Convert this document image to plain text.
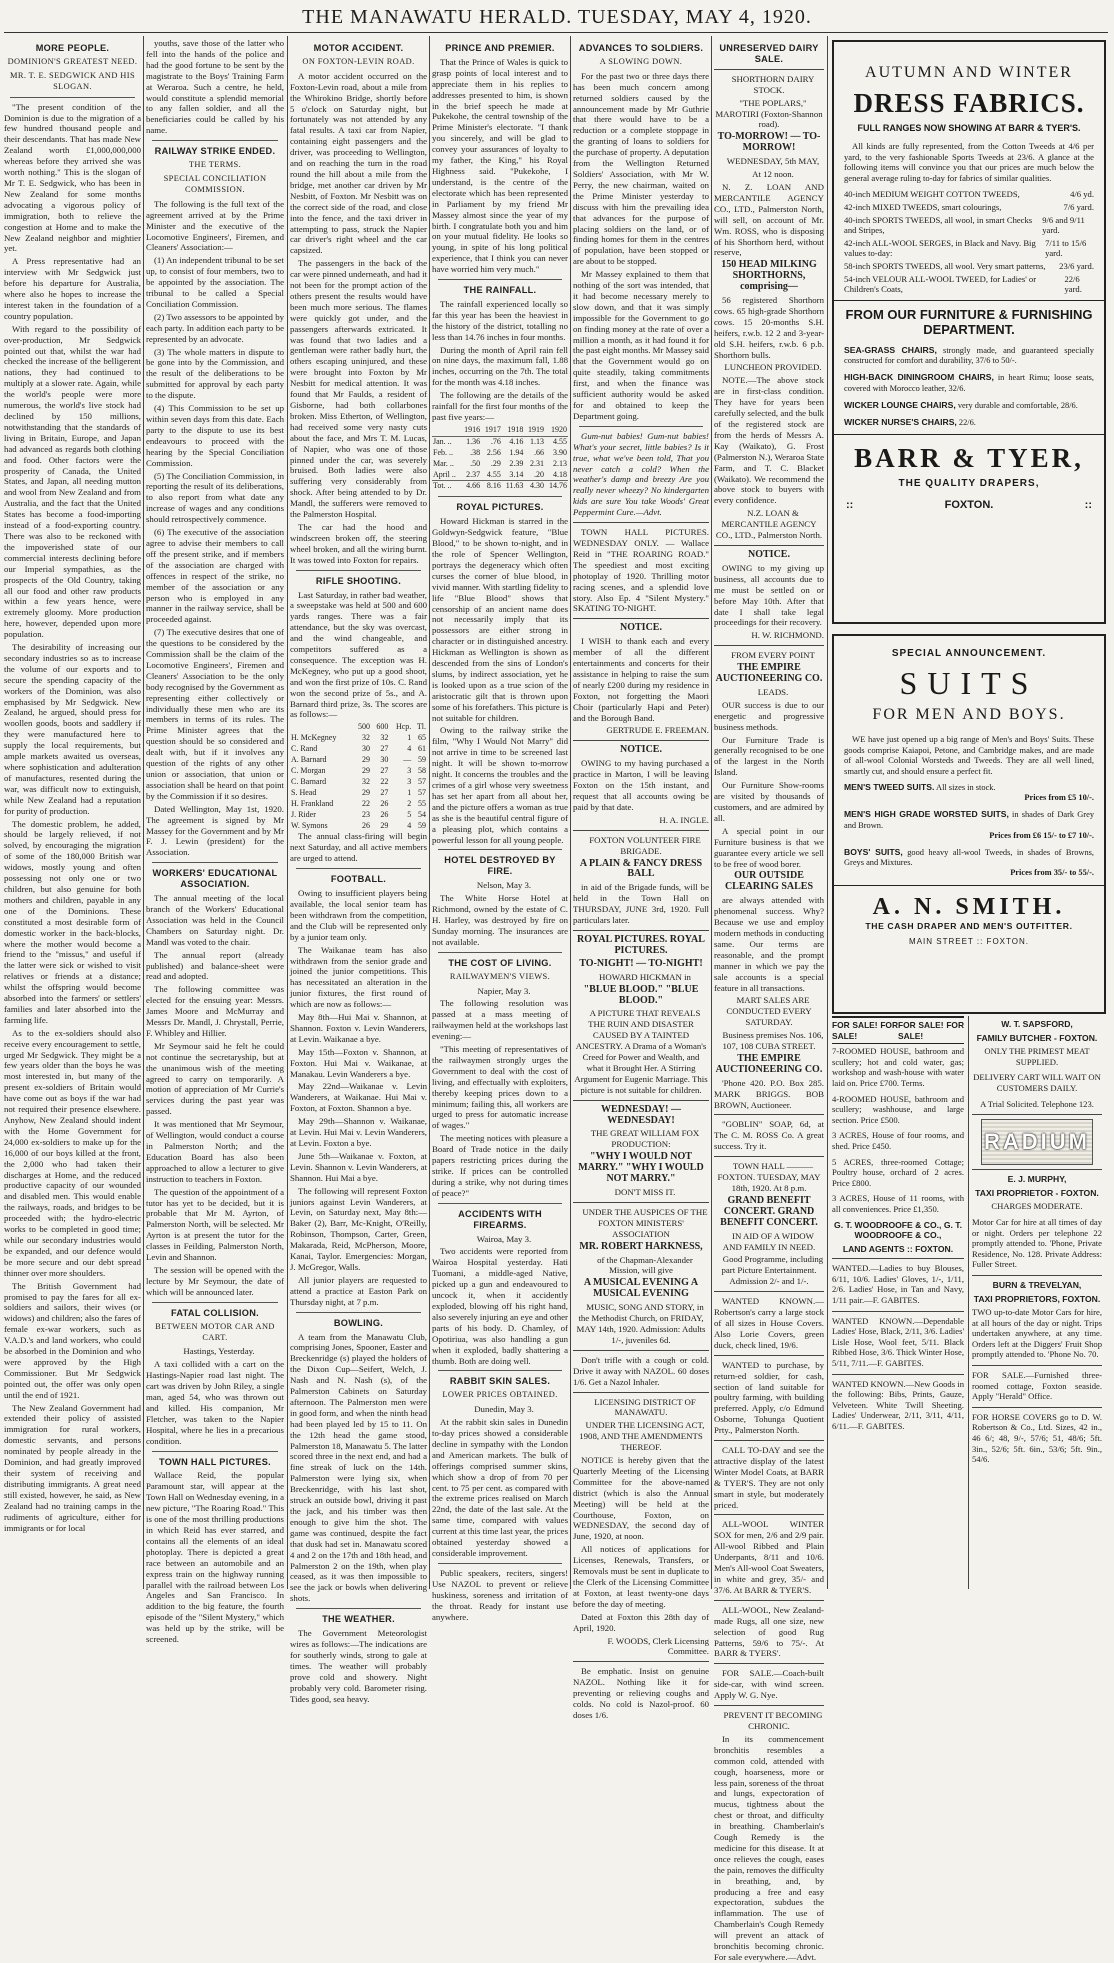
THE MANAWATU HERALD. TUESDAY, MAY 4, 1920.
MORE PEOPLE.
DOMINION'S GREATEST NEED.
MR. T. E. SEDGWICK AND HIS SLOGAN.

"The present condition of the Dominion is due to the migration of a few hundred thousand people and their descendants. That has made New Zealand worth £1,000,000,000 whereas before they arrived she was worth nothing." This is the slogan of Mr T. E. Sedgwick, who has been in New Zealand for some months advocating a vigorous policy of immigration, both to relieve the congestion at Home and to make the New Zealand neighbor and mightier yet.

A Press representative had an interview with Mr Sedgwick just before his departure for Australia, where also he hopes to increase the interest taken in the foundation of a country population.

With regard to the possibility of over-production, Mr Sedgwick pointed out that, whilst the war had checked the increase of the belligerent nations, they had continued to multiply at a slower rate. Again, while the world's people were more numerous, the world's live stock had declined by 150 millions, notwithstanding that the standards of living in Britain, Europe, and Japan had advanced as regards both clothing and food. Other factors were the prosperity of Canada, the United States, and Japan, all needing mutton and wool from New Zealand and from Australia, and the fact that the United States has become a food-importing instead of a food-exporting country. There was also to be reckoned with the impoverished state of our commercial interests declining before our Imperial sympathies, as the prospects of the Old Country, taking all our food and other raw products within a few years hence, were extremely gloomy. More production here, however, depended upon more population.

The desirability of increasing our secondary industries so as to increase the volume of our exports and to secure the spending capacity of the workers of the Dominion, was also emphasised by Mr Sedgwick. New Zealand, he argued, should press for woollen goods, boots and saddlery if they were manufactured here to supply the local requirements, but ample markets awaited us overseas, where sophistication and adulteration of manufactures, resented during the war, was difficult now to extinguish, while New Zealand had a reputation for purity of production.

The domestic problem, he added, should be largely relieved, if not solved, by encouraging the migration of some of the 180,000 British war widows, mostly young and often possessing not only one or two children, but also genuine for both mothers and children, payable in any one of the Dominions. These constituted a most desirable form of domestic worker in the back-blocks, where the mother would become a friend to the "missus," and useful if the latter were sick or wished to visit relatives or friends at a distance; whilst the offspring would become absorbed into the farmers' or settlers' families and later absorbed into the farming life.

As to the ex-soldiers should also receive every encouragement to settle, urged Mr Sedgwick. They might be a few years older than the boys he was most interested in, but many of the present ex-soldiers of Britain would have come out as boys if the war had not required their presence elsewhere. Anyhow, New Zealand should indent with the Home Government for 24,000 ex-soldiers to make up for the 16,000 of our boys killed at the front, the 2,000 who had taken their discharges at Home, and the reduced productive capacity of our wounded and disabled men. This would enable the railways, roads, and bridges to be proceeded with; the hydro-electric works to be completed in good time; while our secondary industries would be expanded, and our defence would be more secure and our debt spread thinner over more shoulders.

The British Government had promised to pay the fares for all ex-soldiers and sailors, their wives (or widows) and children; also the fares of female ex-war workers, such as V.A.D.'s and land workers, who could be absorbed in the Dominion and who were approved by the High Commissioner. But Mr Sedgwick pointed out, the offer was only open until the end of 1921.

The New Zealand Government had extended their policy of assisted immigration for rural workers, domestic servants, and persons nominated by people already in the Dominion, and had greatly improved their system of receiving and distributing immigrants. A great need still existed, however, he said, as New Zealand had no training camps in the rudiments of agriculture, either for immigrants or for local

youths, save those of the latter who fell into the hands of the police and had the good fortune to be sent by the magistrate to the Boys' Training Farm at Weraroa. Such a centre, he held, would constitute a splendid memorial to any fallen soldier, and all the beneficiaries could be called by his name.

RAILWAY STRIKE ENDED.
THE TERMS.
SPECIAL CONCILIATION COMMISSION.

The following is the full text of the agreement arrived at by the Prime Minister and the executive of the Locomotive Engineers', Firemen, and Cleaners' Association:—

(1) An independent tribunal to be set up, to consist of four members, two to be appointed by the association. The tribunal to be called a Special Conciliation Commission.

(2) Two assessors to be appointed by each party. In addition each party to be represented by an advocate.

(3) The whole matters in dispute to be gone into by the Commission, and the result of the deliberations to be submitted for approval by each party to the dispute.

(4) This Commission to be set up within seven days from this date. Each party to the dispute to use its best endeavours to proceed with the hearing by the Special Conciliation Commission.

(5) The Conciliation Commission, in reporting the result of its deliberations, to also report from what date any increase of wages and any conditions should retrospectively commence.

(6) The executive of the association agree to advise their members to call off the present strike, and if members of the association are charged with offences in respect of the strike, no member of the association or any person who is employed in any manner in the railway service, shall be proceeded against.

(7) The executive desires that one of the questions to be considered by the Commission shall be the claim of the Locomotive Engineers', Firemen and Cleaners' Association to be the only body recognised by the Government as representing either collectively or individually these men who are its members in terms of its rules. The Prime Minister agrees that the question should be so considered and dealt with, but if it involves any question of the rights of any other union or association, that union or association shall be heard on that point by the Commission if it so desires.

Dated Wellington, May 1st, 1920. The agreement is signed by Mr Massey for the Government and by Mr F. J. Lewin (president) for the Association.

WORKERS' EDUCATIONAL ASSOCIATION.

The annual meeting of the local branch of the Workers' Educational Association was held in the Council Chambers on Saturday night. Dr. Mandl was voted to the chair.

The annual report (already published) and balance-sheet were read and adopted.

The following committee was elected for the ensuing year: Messrs. James Moore and McMurray and Messrs Dr. Mandl, J. Chrystall, Perrie, F. Whibley and Hillier.

Mr Seymour said he felt he could not continue the secretaryship, but at the unanimous wish of the meeting agreed to carry on temporarily. A motion of appreciation of Mr Currie's services during the past year was passed.

It was mentioned that Mr Seymour, of Wellington, would conduct a course in Palmerston North; and the Education Board has also been approached to allow a lecturer to give instruction to teachers in Foxton.

The question of the appointment of a tutor has yet to be decided, but it is probable that Mr M. Ayrton, of Palmerston North, will be selected. Mr Ayrton is at present the tutor for the classes in Feilding, Palmerston North, Levin and Shannon.

The session will be opened with the lecture by Mr Seymour, the date of which will be announced later.

FATAL COLLISION.
BETWEEN MOTOR CAR AND CART.

Hastings, Yesterday.

A taxi collided with a cart on the Hastings-Napier road last night. The cart was driven by John Riley, a single man, aged 54, who was thrown out and killed. His companion, Mr Fletcher, was taken to the Napier Hospital, where he lies in a precarious condition.

TOWN HALL PICTURES.

Wallace Reid, the popular Paramount star, will appear at the Town Hall on Wednesday evening, in a new picture, "The Roaring Road." This is one of the most thrilling productions in which Reid has ever starred, and contains all the elements of an ideal photoplay. There is depicted a great race between an automobile and an express train on the highway running parallel with the railroad between Los Angeles and San Francisco. In addition to the big feature, the fourth episode of the "Silent Mystery," which was held up by the strike, will be screened.

MOTOR ACCIDENT.
ON FOXTON-LEVIN ROAD.

A motor accident occurred on the Foxton-Levin road, about a mile from the Whirokino Bridge, shortly before 5 o'clock on Saturday night, but fortunately was not attended by any fatal results. A taxi car from Napier, containing eight passengers and the driver, was proceeding to Wellington, and on reaching the turn in the road round the hill about a mile from the bridge, met another car driven by Mr Nesbitt, of Foxton. Mr Nesbitt was on the correct side of the road, and close into the fence, and the taxi driver in attempting to pass, struck the Napier car driver's right wheel and the car capsized.

The passengers in the back of the car were pinned underneath, and had it not been for the prompt action of the others present the results would have been much more serious. The flames were quickly got under, and the passengers afterwards extricated. It was found that two ladies and a gentleman were rather badly hurt, the others escaping uninjured, and these were brought into Foxton by Mr Nesbitt for medical attention. It was found that Mr Faulds, a resident of Gisborne, had both collarbones broken. Miss Etherton, of Wellington, had received some very nasty cuts about the face, and Mrs T. M. Lucas, of Napier, who was one of those pinned under the car, was severely bruised. Both ladies were also suffering very considerably from shock. After being attended to by Dr. Mandl, the sufferers were removed to the Palmerston Hospital.

The car had the hood and windscreen broken off, the steering wheel broken, and all the wiring burnt. It was towed into Foxton for repairs.

RIFLE SHOOTING.

Last Saturday, in rather bad weather, a sweepstake was held at 500 and 600 yards ranges. There was a fair attendance, but the sky was overcast, and the wind changeable, and competitors suffered as a consequence. The exception was H. McKegney, who put up a good shoot, and won the first prize of 10s. C. Rand won the second prize of 5s., and A. Barnard third prize, 3s. The scores are as follows:—

	500	600	Hcp.	Tl.
H. McKegney	32	32	1	65
C. Rand	30	27	4	61
A. Barnard	29	30	—	59
C. Morgan	29	27	3	58
C. Barnard	32	22	3	57
S. Head	29	27	1	57
H. Frankland	22	26	2	55
J. Rider	23	26	5	54
W. Symons	26	29	4	59

The annual class-firing will begin next Saturday, and all active members are urged to attend.

FOOTBALL.

Owing to insufficient players being available, the local senior team has been withdrawn from the competition, and the Club will be represented only by a junior team only.

The Waikanae team has also withdrawn from the senior grade and joined the junior competitions. This has necessitated an alteration in the junior fixtures, the first round of which are now as follows:—

May 8th—Hui Mai v. Shannon, at Shannon. Foxton v. Levin Wanderers, at Levin. Waikanae a bye.

May 15th—Foxton v. Shannon, at Foxton. Hui Mai v. Waikanae, at Manakau. Levin Wanderers a bye.

May 22nd—Waikanae v. Levin Wanderers, at Waikanae. Hui Mai v. Foxton, at Foxton. Shannon a bye.

May 29th—Shannon v. Waikanae, at Levin. Hui Mai v. Levin Wanderers, at Levin. Foxton a bye.

June 5th—Waikanae v. Foxton, at Levin. Shannon v. Levin Wanderers, at Shannon. Hui Mai a bye.

The following will represent Foxton juniors against Levin Wanderers, at Levin, on Saturday next, May 8th:—Baker (2), Barr, Mc-Knight, O'Reilly, Robinson, Thompson, Carter, Green, Makarada, Reid, McPherson, Moore, Kanai, Taylor. Emergencies: Morgan, J. McGregor, Walls.

All junior players are requested to attend a practice at Easton Park on Thursday night, at 7 p.m.

BOWLING.

A team from the Manawatu Club, comprising Jones, Spooner, Easter and Breckenridge (s) played the holders of the Dixon Cup—Seifert, Welch, J. Nash and N. Nash (s), of the Palmerston Cabinets on Saturday afternoon. The Palmerston men were in good form, and when the ninth head had been played led by 15 to 11. On the 12th head the game stood, Palmerston 18, Manawatu 5. The latter scored three in the next end, and had a fine streak of luck on the 14th. Palmerston were lying six, when Breckenridge, with his last shot, struck an outside bowl, driving it past the jack, and his timber was then enough to give him the shot. The game was continued, despite the fact that dusk had set in. Manawatu scored 4 and 2 on the 17th and 18th head, and Palmerston 2 on the 19th, when play ceased, as it was then impossible to see the jack or bowls when delivering shots.

THE WEATHER.

The Government Meteorologist wires as follows:—The indications are for southerly winds, strong to gale at times. The weather will probably prove cold and showery. Night probably very cold. Barometer rising. Tides good, sea heavy.

PRINCE AND PREMIER.

That the Prince of Wales is quick to grasp points of local interest and to appreciate them in his replies to addresses presented to him, is shown in the brief speech he made at Pukekohe, the central township of the Prime Minister's electorate. "I thank you sincerely, and will be glad to convey your assurances of loyalty to my father, the King," his Royal Highness said. "Pukekohe, I understand, is the centre of the electorate which has been represented in Parliament by my friend Mr Massey almost since the year of my birth. I congratulate both you and him on your mutual fidelity. He looks so young, in spite of his long political experience, that I think you can never have worried him very much."

THE RAINFALL.

The rainfall experienced locally so far this year has been the heaviest in the history of the district, totalling no less than 14.76 inches in four months.

During the month of April rain fell on nine days, the maximum fall, 1.88 inches, occurring on the 7th. The total for the month was 4.18 inches.

The following are the details of the rainfall for the first four months of the past five years:—

	1916	1917	1918	1919	1920
Jan. ..	1.36	.76	4.16	1.13	4.55
Feb. ..	.38	2.56	1.94	.66	3.90
Mar. ..	.50	.29	2.39	2.31	2.13
April ..	2.37	4.55	3.14	.20	4.18
Tot. ..	4.66	8.16	11.63	4.30	14.76
ROYAL PICTURES.

Howard Hickman is starred in the Goldwyn-Sedgwick feature, "Blue Blood," to be shown to-night, and in the role of Spencer Wellington, portrays the degeneracy which often curses the corner of blue blood, in vivid manner. With startling fidelity to life "Blue Blood" shows that censorship of an ancient name does not necessarily imply that its possessors are either strong in character or in distinguished ancestry. Hickman as Wellington is shown as descended from the sins of London's slums, by indirect association, yet he is looked upon as a true scion of the aristocratic gilt that is thrown upon some of his forefathers. This picture is not suitable for children.

Owing to the railway strike the film, "Why I Would Not Marry" did not arrive in time to be screened last night. It will be shown to-morrow night. It concerns the troubles and the crimes of a girl whose very sweetness has set her apart from all about her, and the picture offers a woman as true as she is the beautiful central figure of a pleasing plot, which contains a powerful lesson for all young people.

HOTEL DESTROYED BY FIRE.

Nelson, May 3.

The White Horse Hotel at Richmond, owned by the estate of C. H. Harley, was destroyed by fire on Sunday morning. The insurances are not available.

THE COST OF LIVING.
RAILWAYMEN'S VIEWS.

Napier, May 3.

The following resolution was passed at a mass meeting of railwaymen held at the workshops last evening:—

"This meeting of representatives of the railwaymen strongly urges the Government to deal with the cost of living, and effectually with exploiters, thereby keeping prices down to a minimum; failing this, all workers are urged to press for automatic increase of wages."

The meeting notices with pleasure a Board of Trade notice in the daily papers restricting prices during the strike. If prices can be controlled during a strike, why not during times of peace?"

ACCIDENTS WITH FIREARMS.

Wairoa, May 3.

Two accidents were reported from Wairoa Hospital yesterday. Hati Tuomani, a middle-aged Native, picked up a gun and endeavoured to uncock it, when it accidently exploded, blowing off his right hand, also severely injuring an eye and other parts of his body. D. Chamley, of Opotiriua, was also handling a gun when it exploded, badly shattering a thumb. Both are doing well.

RABBIT SKIN SALES.
LOWER PRICES OBTAINED.

Dunedin, May 3.

At the rabbit skin sales in Dunedin to-day prices showed a considerable decline in sympathy with the London and American markets. The bulk of offerings comprised summer skins, which show a drop of from 70 per cent. to 75 per cent. as compared with the extreme prices realised on March 22nd, the date of the last sale. At the same time, compared with values current at this time last year, the prices obtained yesterday showed a considerable improvement.

Public speakers, reciters, singers! Use NAZOL to prevent or relieve huskiness, soreness and irritation of the throat. Ready for instant use anywhere.

ADVANCES TO SOLDIERS.
A SLOWING DOWN.

For the past two or three days there has been much concern among returned soldiers caused by the announcement made by Mr Guthrie that there would have to be a reduction or a complete stoppage in the granting of loans to soldiers for the purchase of property. A deputation from the Wellington Returned Soldiers' Association, with Mr W. Perry, the new chairman, waited on the Prime Minister yesterday to discuss with him the prevailing idea that advances for the purpose of placing soldiers on the land, or of finding homes for them in the centres of population, have been stopped or are about to be stopped.

Mr Massey explained to them that nothing of the sort was intended, that it had become necessary merely to slow down, and that it was simply impossible for the Government to go on finding money at the rate of over a million a month, as it had found it for the past eight months. Mr Massey said that the Government would go on quite steadily, taking commitments first, and when the finance was sufficient authority would be asked for and obtained to keep the Department going.

Gum-nut babies! Gum-nut babies! What's your secret, little babies? Is it true, what we've been told, That you never catch a cold? When the weather's damp and breezy Are you really never wheezy? No kindergarten kids are sure You take Woods' Great Peppermint Cure.—Advt.

TOWN HALL PICTURES. WEDNESDAY ONLY. — Wallace Reid in "THE ROARING ROAD." The speediest and most exciting photoplay of 1920. Thrilling motor racing scenes, and a splendid love story. Also Ep. 4 "Silent Mystery." SKATING TO-NIGHT.

NOTICE.

I WISH to thank each and every member of all the different entertainments and concerts for their assistance in helping to raise the sum of nearly £200 during my residence in Foxton, not forgetting the Maori Choir (particularly Hapi and Peter) and the Borough Band.

GERTRUDE E. FREEMAN.

NOTICE.

OWING to my having purchased a practice in Marton, I will be leaving Foxton on the 15th instant, and request that all accounts owing be paid by that date.

H. A. INGLE.

FOXTON VOLUNTEER FIRE BRIGADE.

A PLAIN & FANCY DRESS BALL

in aid of the Brigade funds, will be held in the Town Hall on THURSDAY, JUNE 3rd, 1920. Full particulars later.

ROYAL PICTURES. ROYAL PICTURES.
TO-NIGHT! — TO-NIGHT!

HOWARD HICKMAN in

"BLUE BLOOD." "BLUE BLOOD."

A PICTURE THAT REVEALS THE RUIN AND DISASTER CAUSED BY A TAINTED ANCESTRY. A Drama of a Woman's Creed for Power and Wealth, and what it Brought Her. A Stirring Argument for Eugenic Marriage. This picture is not suitable for children.

WEDNESDAY! — WEDNESDAY!

THE GREAT WILLIAM FOX PRODUCTION:

"WHY I WOULD NOT MARRY." "WHY I WOULD NOT MARRY."

DON'T MISS IT.

UNDER THE AUSPICES OF THE FOXTON MINISTERS' ASSOCIATION

MR. ROBERT HARKNESS,

of the Chapman-Alexander Mission, will give

A MUSICAL EVENING A MUSICAL EVENING

MUSIC, SONG AND STORY, in the Methodist Church, on FRIDAY, MAY 14th, 1920. Admission: Adults 1/-, juveniles 6d.

Don't trifle with a cough or cold. Drive it away with NAZOL. 60 doses 1/6. Get a Nazol Inhaler.

LICENSING DISTRICT OF MANAWATU.

UNDER THE LICENSING ACT, 1908, AND THE AMENDMENTS THEREOF.

NOTICE is hereby given that the Quarterly Meeting of the Licensing Committee for the above-named district (which is also the Annual Meeting) will be held at the Courthouse, Foxton, on WEDNESDAY, the second day of June, 1920, at noon.

All notices of applications for Licenses, Renewals, Transfers, or Removals must be sent in duplicate to the Clerk of the Licensing Committee at Foxton, at least twenty-one days before the day of meeting.

Dated at Foxton this 28th day of April, 1920.

F. WOODS, Clerk Licensing Committee.

Be emphatic. Insist on genuine NAZOL. Nothing like it for preventing or relieving coughs and colds. No cold is Nazol-proof. 60 doses 1/6.

UNRESERVED DAIRY SALE.

SHORTHORN DAIRY STOCK.

"THE POPLARS," MAROTIRI (Foxton-Shannon road).

TO-MORROW! — TO-MORROW!

WEDNESDAY, 5th MAY,

At 12 noon.

N. Z. LOAN AND MERCANTILE AGENCY CO., LTD., Palmerston North, will sell, on account of Mr. Wm. ROSS, who is disposing of his Shorthorn herd, without reserve,

150 HEAD MILKING SHORTHORNS, comprising—

56 registered Shorthorn cows. 65 high-grade Shorthorn cows. 15 20-months S.H. heifers, r.w.b. 12 2 and 3-year-old S.H. heifers, r.w.b. 6 p.b. Shorthorn bulls.

LUNCHEON PROVIDED.

NOTE.—The above stock are in first-class condition. They have for years been carefully selected, and the bulk of the registered stock are from the herds of Messrs A. Kay (Waikato), G. Frost (Palmerston N.), Weraroa State Farm, and T. C. Blacket (Waikato). We recommend the above stock to buyers with every confidence.

N.Z. LOAN & MERCANTILE AGENCY CO., LTD., Palmerston North.

NOTICE.

OWING to my giving up business, all accounts due to me must be settled on or before May 10th. After that date I shall take legal proceedings for their recovery.

H. W. RICHMOND.

FROM EVERY POINT

THE EMPIRE AUCTIONEERING CO.

LEADS.

OUR success is due to our energetic and progressive business methods.

Our Furniture Trade is generally recognised to be one of the largest in the North Island.

Our Furniture Show-rooms are visited by thousands of customers, and are admired by all.

A special point in our Furniture business is that we guarantee every article we sell to be free of wood borer.

OUR OUTSIDE CLEARING SALES

are always attended with phenomenal success. Why? Because we use and employ modern methods in conducting same. Our terms are reasonable, and the prompt manner in which we pay the sale accounts is a special feature in all transactions.

MART SALES ARE CONDUCTED EVERY SATURDAY.

Business premises Nos. 106, 107, 108 CUBA STREET.

THE EMPIRE AUCTIONEERING CO.

'Phone 420. P.O. Box 285. MARK BRIGGS. BOB BROWN, Auctioneer.

"GOBLIN" SOAP, 6d, at The C. M. ROSS Co. A great success. Try it.

TOWN HALL ——— FOXTON. TUESDAY, MAY 18th, 1920. At 8 p.m.

GRAND BENEFIT CONCERT. GRAND BENEFIT CONCERT.

IN AID OF A WIDOW AND FAMILY IN NEED.

Good Programme, including part Picture Entertainment. Admission 2/- and 1/-.

WANTED KNOWN.—Robertson's carry a large stock of all sizes in House Covers. Also Lorie Covers, green duck, check lined, 19/6.

WANTED to purchase, by return-ed soldier, for cash, section of land suitable for poultry farming, with building preferred. Apply, c/o Edmund Osborne, Tohunga Quotient Prty., Palmerston North.

CALL TO-DAY and see the attractive display of the latest Winter Model Coats, at BARR & TYER'S. They are not only smart in style, but moderately priced.

ALL-WOOL WINTER SOX for men, 2/6 and 2/9 pair. All-wool Ribbed and Plain Underpants, 8/11 and 10/6. Men's All-wool Coat Sweaters, in white and grey, 35/- and 37/6. At BARR & TYER'S.

ALL-WOOL, New Zealand-made Rugs, all one size, new selection of good Rug Patterns, 59/6 to 75/-. At BARR & TYERS'.

FOR SALE.—Coach-built side-car, with wind screen. Apply W. G. Nye.

PREVENT IT BECOMING CHRONIC.

In its commencement bronchitis resembles a common cold, attended with cough, hoarseness, more or less pain, soreness of the throat and lungs, expectoration of mucus, tightness about the chest or throat, and difficulty in breathing. Chamberlain's Cough Remedy is the medicine for this disease. It at once relieves the cough, eases the pain, removes the difficulty in breathing, and, by producing a free and easy expectoration, subdues the inflammation. The use of Chamberlain's Cough Remedy will prevent an attack of bronchitis becoming chronic. For sale everywhere.—Advt.

AUTUMN AND WINTER
DRESS FABRICS.
FULL RANGES NOW SHOWING AT BARR & TYER'S.

All kinds are fully represented, from the Cotton Tweeds at 4/6 per yard, to the very fashionable Sports Tweeds at 23/6. A glance at the following items will convince you that our prices are much below the general average ruling to-day for fabrics of similar qualities.

40-inch MEDIUM WEIGHT COTTON TWEEDS,	4/6 yd.
42-inch MIXED TWEEDS, smart colourings,	7/6 yard.
40-inch SPORTS TWEEDS, all wool, in smart Checks and Stripes,
9/6 and 9/11 yard.
42-inch ALL-WOOL SERGES, in Black and Navy. Big values to-day:
7/11 to 15/6 yard.
58-inch SPORTS TWEEDS, all wool. Very smart patterns,	23/6 yard.
54-inch VELOUR ALL-WOOL TWEED, for Ladies' or Children's Coats,
22/6 yard.
FROM OUR FURNITURE & FURNISHING DEPARTMENT.
SEA-GRASS CHAIRS, strongly made, and guaranteed specially constructed for comfort and durability, 37/6 to 50/-.
HIGH-BACK DININGROOM CHAIRS, in heart Rimu; loose seats, covered with Morocco leather, 32/6.
WICKER LOUNGE CHAIRS, very durable and comfortable, 28/6.
WICKER NURSE'S CHAIRS, 22/6.
BARR & TYER,
THE QUALITY DRAPERS,
::	FOXTON.	::
SPECIAL ANNOUNCEMENT.
SUITS
FOR MEN AND BOYS.

WE have just opened up a big range of Men's and Boys' Suits. These goods comprise Kaiapoi, Petone, and Cambridge makes, and are made of all-wool Colonial Worsteds and Tweeds. They are all well lined, smartly cut, and should ensure a perfect fit.

MEN'S TWEED SUITS. All sizes in stock.
Prices from £5 10/-.
MEN'S HIGH GRADE WORSTED SUITS, in shades of Dark Grey and Brown.
Prices from £6 15/- to £7 10/-.
BOYS' SUITS, good heavy all-wool Tweeds, in shades of Browns, Greys and Mixtures.
Prices from 35/- to 55/-.
A. N. SMITH.
THE CASH DRAPER AND MEN'S OUTFITTER.
MAIN STREET :: FOXTON.
FOR SALE! FOR SALE!
FOR SALE! FOR SALE!

7-ROOMED HOUSE, bathroom and scullery; hot and cold water, gas; workshop and wash-house with water laid on. Price £700. Terms.

4-ROOMED HOUSE, bathroom and scullery; washhouse, and large section. Price £500.

3 ACRES, House of four rooms, and shed. Price £450.

5 ACRES, three-roomed Cottage; Poultry house, orchard of 2 acres. Price £800.

3 ACRES, House of 11 rooms, with all conveniences. Price £1,350.

G. T. WOODROOFE & CO., G. T. WOODROOFE & CO.,
LAND AGENTS :: FOXTON.

WANTED.—Ladies to buy Blouses, 6/11, 10/6. Ladies' Gloves, 1/-, 1/11, 2/6. Ladies' Hose, in Tan and Navy, 1/11 pair.—F. GABITES.

WANTED KNOWN.—Dependable Ladies' Hose, Black, 2/11, 3/6. Ladies' Lisle Hose, Wool feet, 5/11. Black Ribbed Hose, 3/6. Thick Winter Hose, 5/11, 7/11.—F. GABITES.

WANTED KNOWN.—New Goods in the following: Bibs, Prints, Gauze, Velveteen. White Twill Sheeting. Ladies' Underwear, 2/11, 3/11, 4/11, 6/11.—F. GABITES.

W. T. SAPSFORD,
FAMILY BUTCHER - FOXTON.

ONLY THE PRIMEST MEAT SUPPLIED.

DELIVERY CART WILL WAIT ON CUSTOMERS DAILY.

A Trial Solicited. Telephone 123.

RADIUM
E. J. MURPHY,
TAXI PROPRIETOR - FOXTON.

CHARGES MODERATE.

Motor Car for hire at all times of day or night. Orders per telephone 22 promptly attended to. 'Phone, Private Residence, No. 128. Private Address: Fuller Street.

BURN & TREVELYAN,
TAXI PROPRIETORS, FOXTON.

TWO up-to-date Motor Cars for hire, at all hours of the day or night. Trips undertaken anywhere, at any time. Orders left at the Diggers' Fruit Shop promptly attended to. 'Phone No. 70.

FOR SALE.—Furnished three-roomed cottage, Foxton seaside. Apply "Herald" Office.

FOR HORSE COVERS go to D. W. Robertson & Co., Ltd. Sizes, 42 in., 46 6/; 48, 9/-, 57/6; 51, 48/6; 5ft. 3in., 52/6; 5ft. 6in., 53/6; 5ft. 9in., 54/6.
